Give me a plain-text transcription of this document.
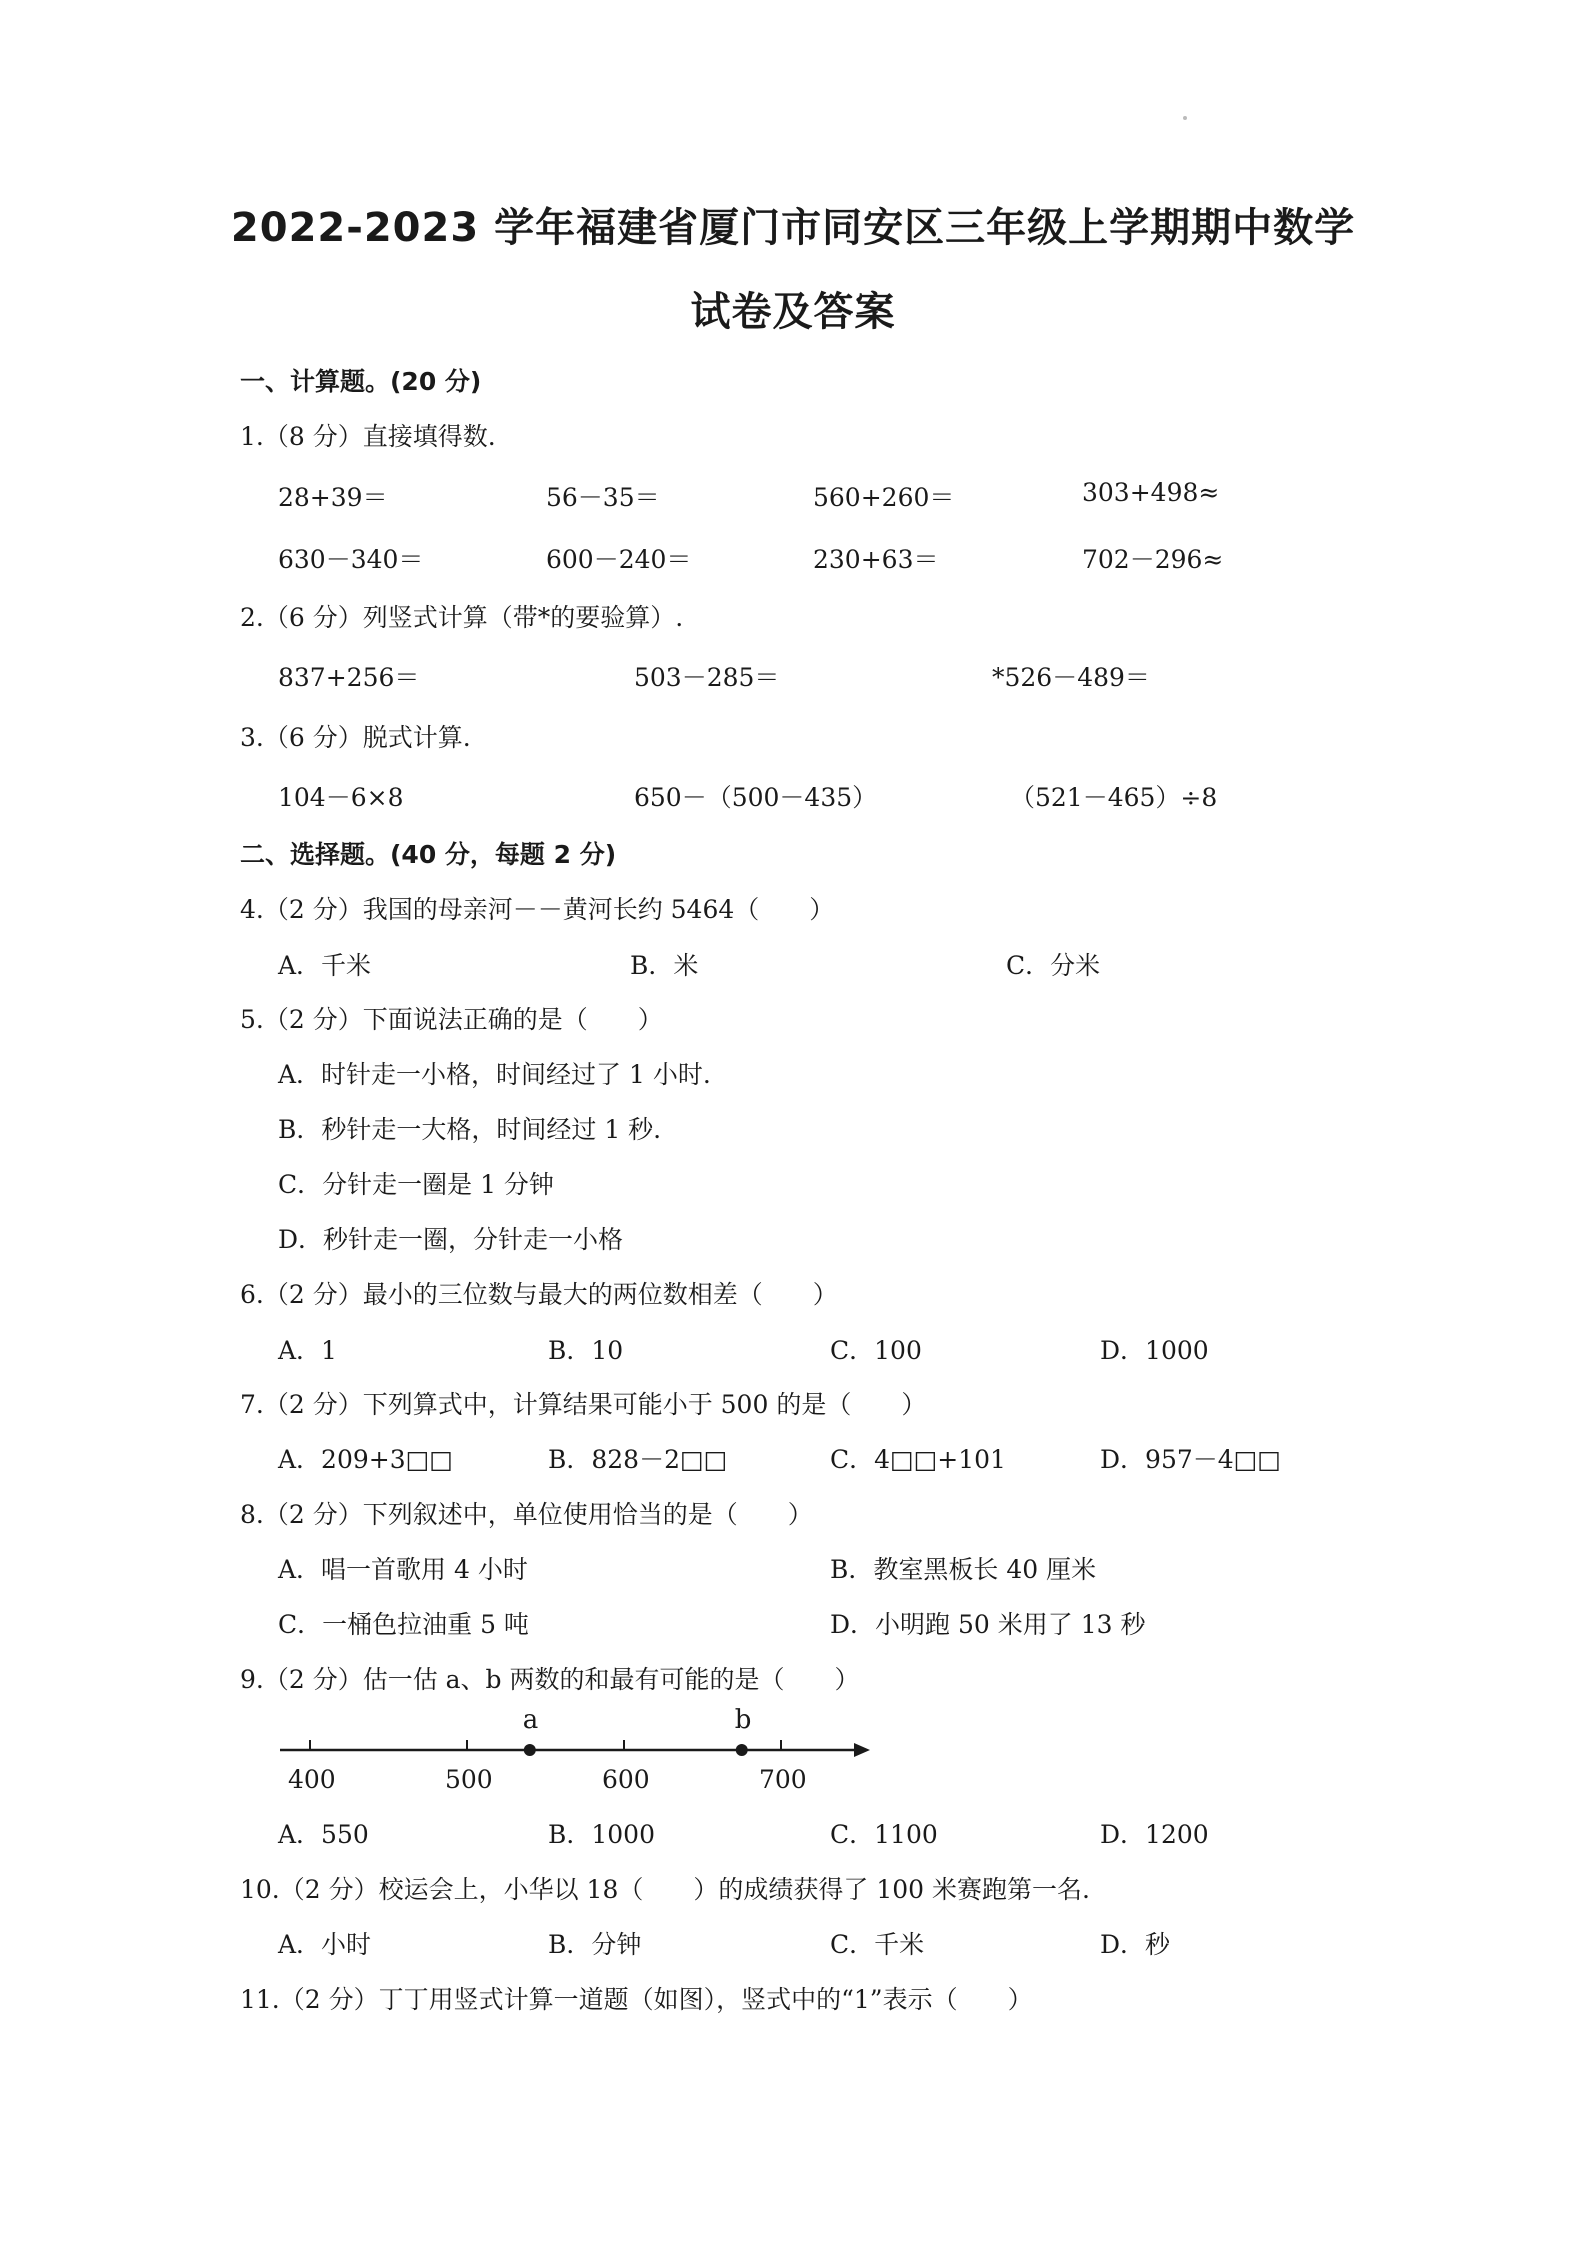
2022-2023 学年福建省厦门市同安区三年级上学期期中数学
试卷及答案
一、计算题。(20 分)
1.（8 分）直接填得数.
28+39＝	56－35＝	560+260＝	303+498≈
630－340＝	600－240＝	230+63＝	702－296≈
2.（6 分）列竖式计算（带*的要验算）.
837+256＝	503－285＝	*526－489＝
3.（6 分）脱式计算.
104－6×8	650－（500－435）	（521－465）÷8
二、选择题。(40 分，每题 2 分)
4.（2 分）我国的母亲河－－黄河长约 5464（　　）
A．千米	B．米	C．分米
5.（2 分）下面说法正确的是（　　）
A．时针走一小格，时间经过了 1 小时.
B．秒针走一大格，时间经过 1 秒.
C．分针走一圈是 1 分钟
D．秒针走一圈，分针走一小格
6.（2 分）最小的三位数与最大的两位数相差（　　）
A．1	B．10	C．100	D．1000
7.（2 分）下列算式中，计算结果可能小于 500 的是（　　）
A．209+3□□	B．828－2□□	C．4□□+101	D．957－4□□
8.（2 分）下列叙述中，单位使用恰当的是（　　）
A．唱一首歌用 4 小时	B．教室黑板长 40 厘米
C．一桶色拉油重 5 吨	D．小明跑 50 米用了 13 秒
9.（2 分）估一估 a、b 两数的和最有可能的是（　　）
400	500	600	700
a	b
A．550	B．1000	C．1100	D．1200
10.（2 分）校运会上，小华以 18（　　）的成绩获得了 100 米赛跑第一名.
A．小时	B．分钟	C．千米	D．秒
11.（2 分）丁丁用竖式计算一道题（如图），竖式中的“1”表示（　　）
